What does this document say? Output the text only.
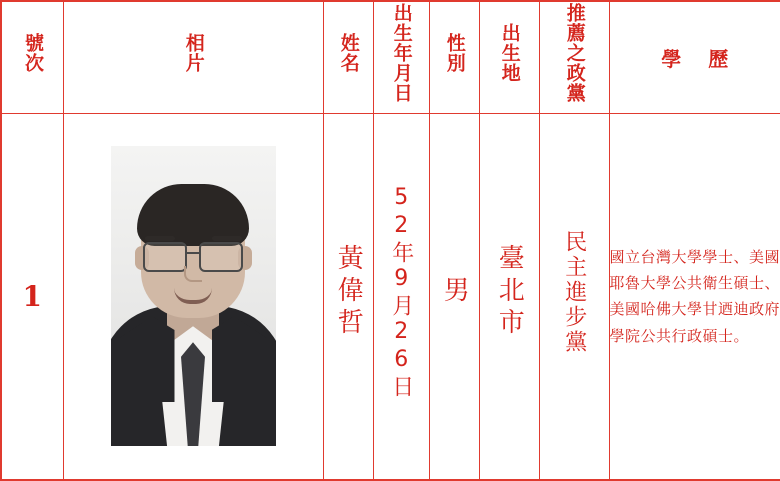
號次	相片	姓名	出生年月日	性別	出生地	推薦之政黨	學 歷
1		黃偉哲	52年9月26日	男	臺北市	民主進步黨	國立台灣大學學士、美國耶魯大學公共衛生碩士、美國哈佛大學甘迺迪政府學院公共行政碩士。
